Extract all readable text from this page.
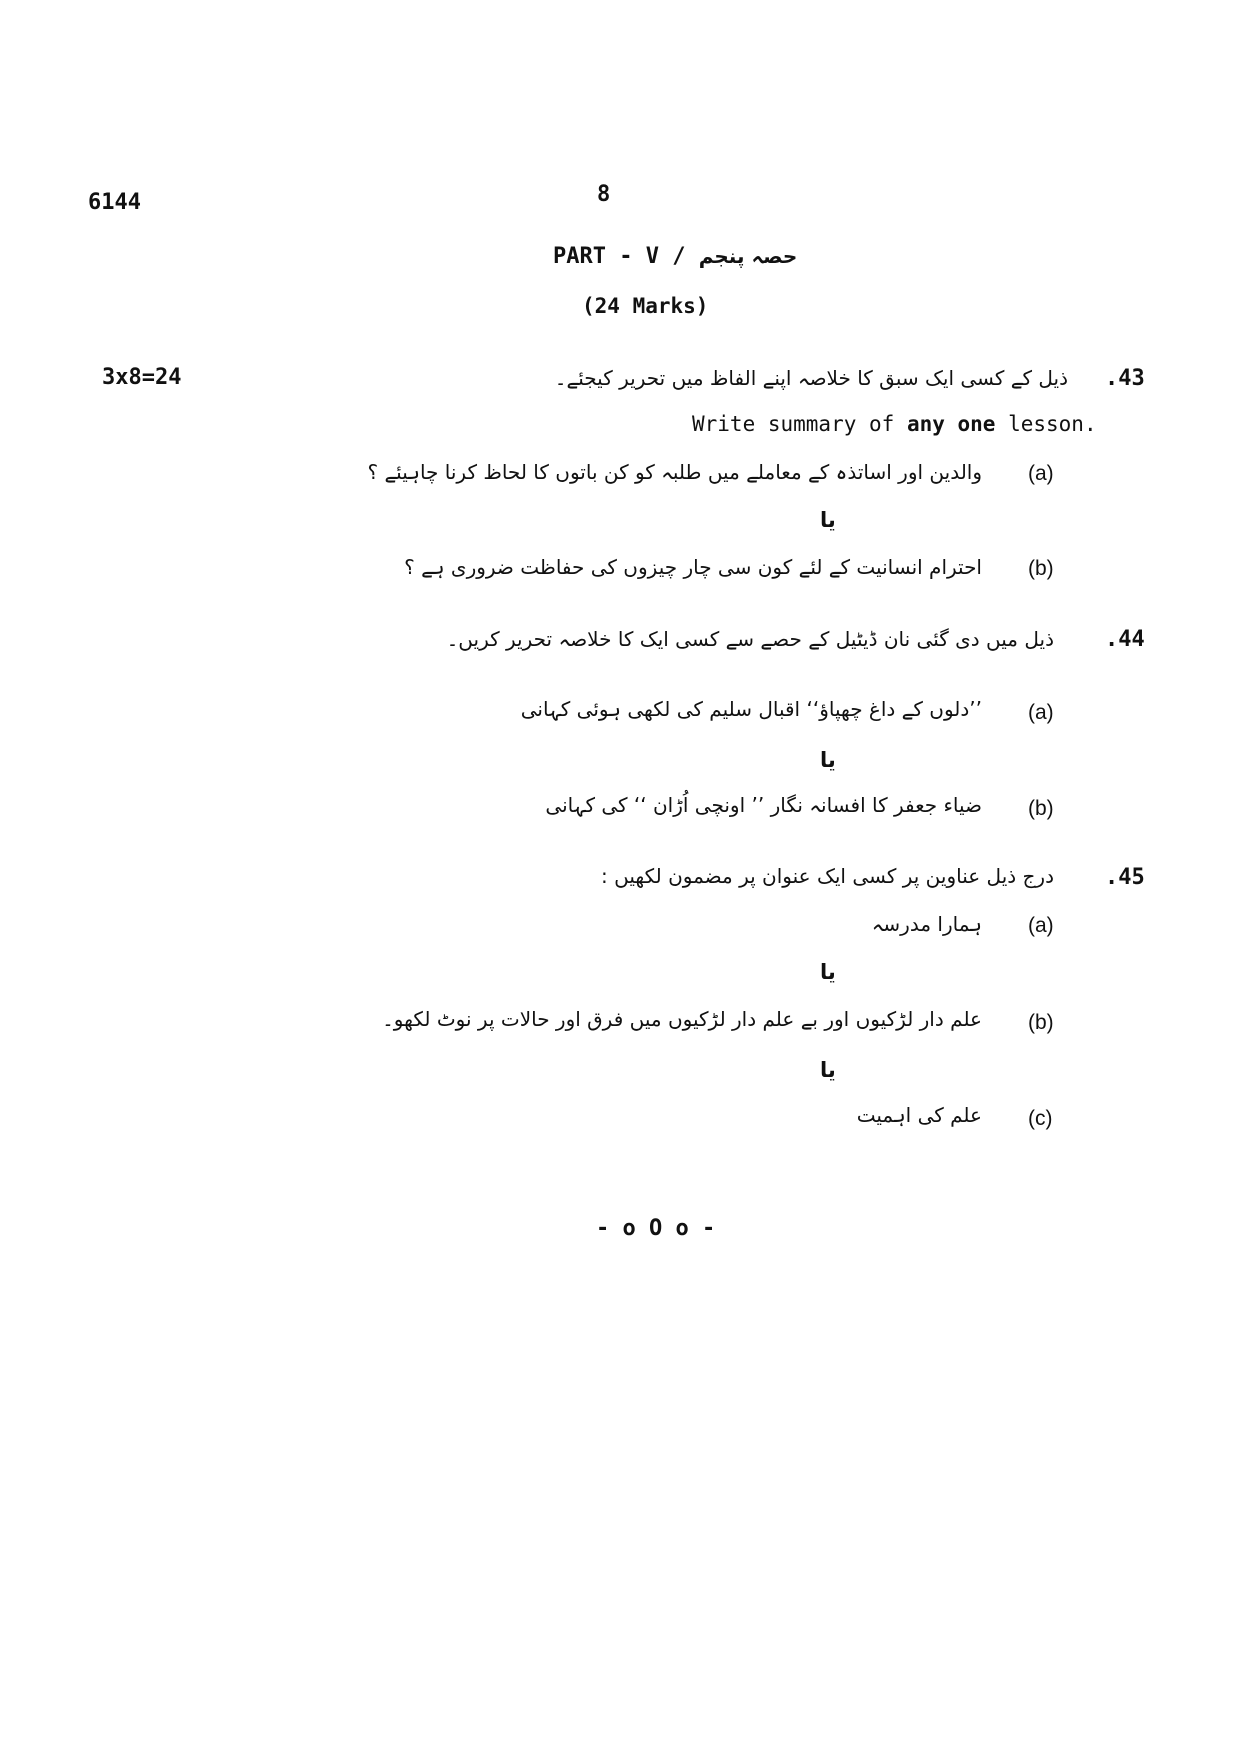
6144	8
PART - V / حصہ پنجم
(24 Marks)
3x8=24	.43
ذیل کے کسی ایک سبق کا خلاصہ اپنے الفاظ میں تحریر کیجئے۔
Write summary of any one lesson.
(a)
والدین اور اساتذہ کے معاملے میں طلبہ کو کن باتوں کا لحاظ کرنا چاہیئے ؟
یا
(b)
احترام انسانیت کے لئے کون سی چار چیزوں کی حفاظت ضروری ہے ؟
.44
ذیل میں دی گئی نان ڈیٹیل کے حصے سے کسی ایک کا خلاصہ تحریر کریں۔
(a)
’’دلوں کے داغ چھپاؤ‘‘ اقبال سلیم کی لکھی ہوئی کہانی
یا
(b)
ضیاء جعفر کا افسانہ نگار ’’ اونچی اُڑان ‘‘ کی کہانی
.45
درج ذیل عناوین پر کسی ایک عنوان پر مضمون لکھیں :
(a)
ہمارا مدرسہ
یا
(b)
علم دار لڑکیوں اور بے علم دار لڑکیوں میں فرق اور حالات پر نوٹ لکھو۔
یا
(c)
علم کی اہمیت
- o O o -
